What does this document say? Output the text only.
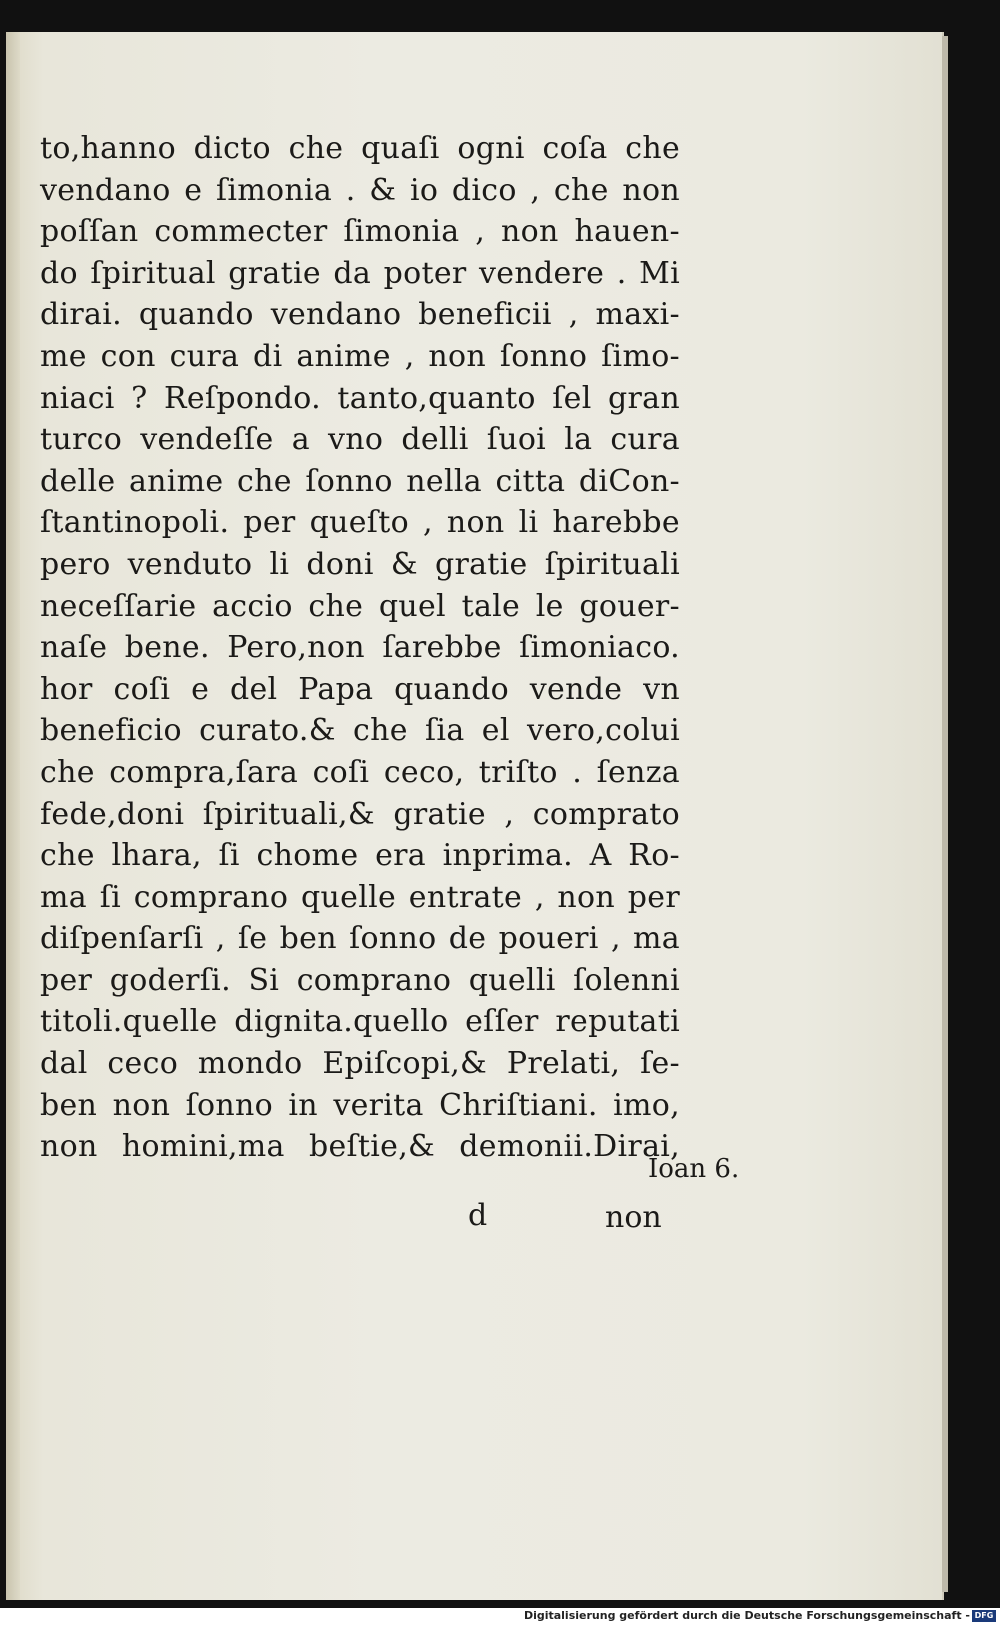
to,hanno dicto che quaſi ogni coſa che
vendano e ſimonia . & io dico , che non
poſſan commecter ſimonia , non hauen-
do ſpiritual gratie da poter vendere . Mi
dirai. quando vendano beneficii , maxi-
me con cura di anime , non ſonno ſimo-
niaci ? Reſpondo. tanto,quanto ſel gran
turco vendeſſe a vno delli ſuoi la cura
delle anime che ſonno nella citta diCon-
ſtantinopoli. per queſto , non li harebbe
pero venduto li doni & gratie ſpirituali
neceſſarie accio che quel tale le gouer-
naſe bene. Pero,non ſarebbe ſimoniaco.
hor coſi e del Papa quando vende vn
beneficio curato.& che ſia el vero,colui
che compra,ſara coſi ceco, triſto . ſenza
fede,doni ſpirituali,& gratie , comprato
che lhara, ſi chome era inprima. A Ro-
ma ſi comprano quelle entrate , non per
diſpenſarſi , ſe ben ſonno de poueri , ma
per goderſi. Si comprano quelli ſolenni
titoli.quelle dignita.quello eſſer reputati
dal ceco mondo Epiſcopi,& Prelati, ſe-
ben non ſonno in verita Chriſtiani. imo,
non homini,ma beſtie,& demonii.Dirai,
Ioan 6.
d	non
Digitalisierung gefördert durch die Deutsche Forschungsgemeinschaft - DFG
